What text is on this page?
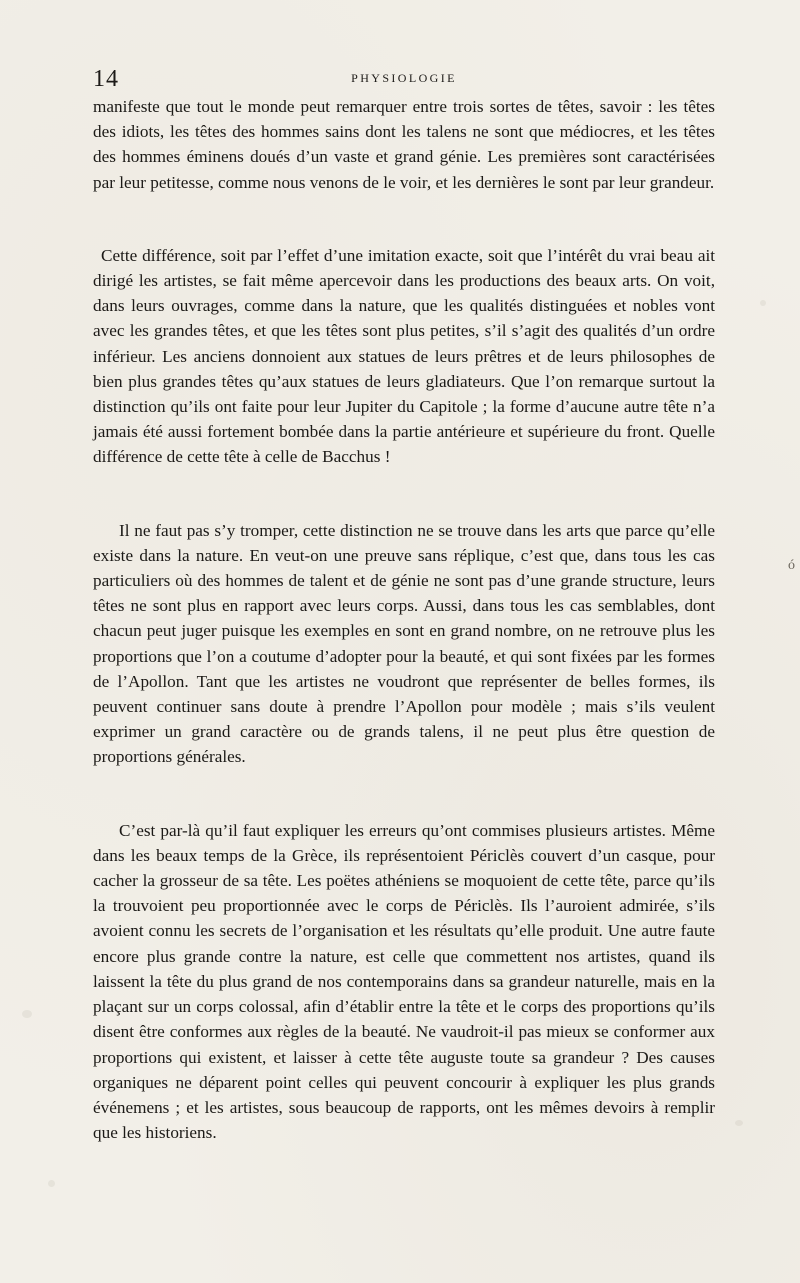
14	PHYSIOLOGIE

manifeste que tout le monde peut remarquer entre trois sortes de têtes, savoir : les têtes des idiots, les têtes des hommes sains dont les talens ne sont que médiocres, et les têtes des hommes éminens doués d’un vaste et grand génie. Les premières sont caractérisées par leur petitesse, comme nous venons de le voir, et les dernières le sont par leur grandeur.

Cette différence, soit par l’effet d’une imitation exacte, soit que l’intérêt du vrai beau ait dirigé les artistes, se fait même apercevoir dans les productions des beaux arts. On voit, dans leurs ouvrages, comme dans la nature, que les qualités distinguées et nobles vont avec les grandes têtes, et que les têtes sont plus petites, s’il s’agit des qualités d’un ordre inférieur. Les anciens donnoient aux statues de leurs prêtres et de leurs philosophes de bien plus grandes têtes qu’aux statues de leurs gladiateurs. Que l’on remarque surtout la distinction qu’ils ont faite pour leur Jupiter du Capitole ; la forme d’aucune autre tête n’a jamais été aussi fortement bombée dans la partie antérieure et supérieure du front. Quelle différence de cette tête à celle de Bacchus !

Il ne faut pas s’y tromper, cette distinction ne se trouve dans les arts que parce qu’elle existe dans la nature. En veut-on une preuve sans réplique, c’est que, dans tous les cas particuliers où des hommes de talent et de génie ne sont pas d’une grande structure, leurs têtes ne sont plus en rapport avec leurs corps. Aussi, dans tous les cas semblables, dont chacun peut juger puisque les exemples en sont en grand nombre, on ne retrouve plus les proportions que l’on a coutume d’adopter pour la beauté, et qui sont fixées par les formes de l’Apollon. Tant que les artistes ne voudront que représenter de belles formes, ils peuvent continuer sans doute à prendre l’Apollon pour modèle ; mais s’ils veulent exprimer un grand caractère ou de grands talens, il ne peut plus être question de proportions générales.

C’est par-là qu’il faut expliquer les erreurs qu’ont commises plusieurs artistes. Même dans les beaux temps de la Grèce, ils représentoient Périclès couvert d’un casque, pour cacher la grosseur de sa tête. Les poëtes athéniens se moquoient de cette tête, parce qu’ils la trouvoient peu proportionnée avec le corps de Périclès. Ils l’auroient admirée, s’ils avoient connu les secrets de l’organisation et les résultats qu’elle produit. Une autre faute encore plus grande contre la nature, est celle que commettent nos artistes, quand ils laissent la tête du plus grand de nos contemporains dans sa grandeur naturelle, mais en la plaçant sur un corps colossal, afin d’établir entre la tête et le corps des proportions qu’ils disent être conformes aux règles de la beauté. Ne vaudroit-il pas mieux se conformer aux proportions qui existent, et laisser à cette tête auguste toute sa grandeur ? Des causes organiques ne déparent point celles qui peuvent concourir à expliquer les plus grands événemens ; et les artistes, sous beaucoup de rapports, ont les mêmes devoirs à remplir que les historiens.

ó
